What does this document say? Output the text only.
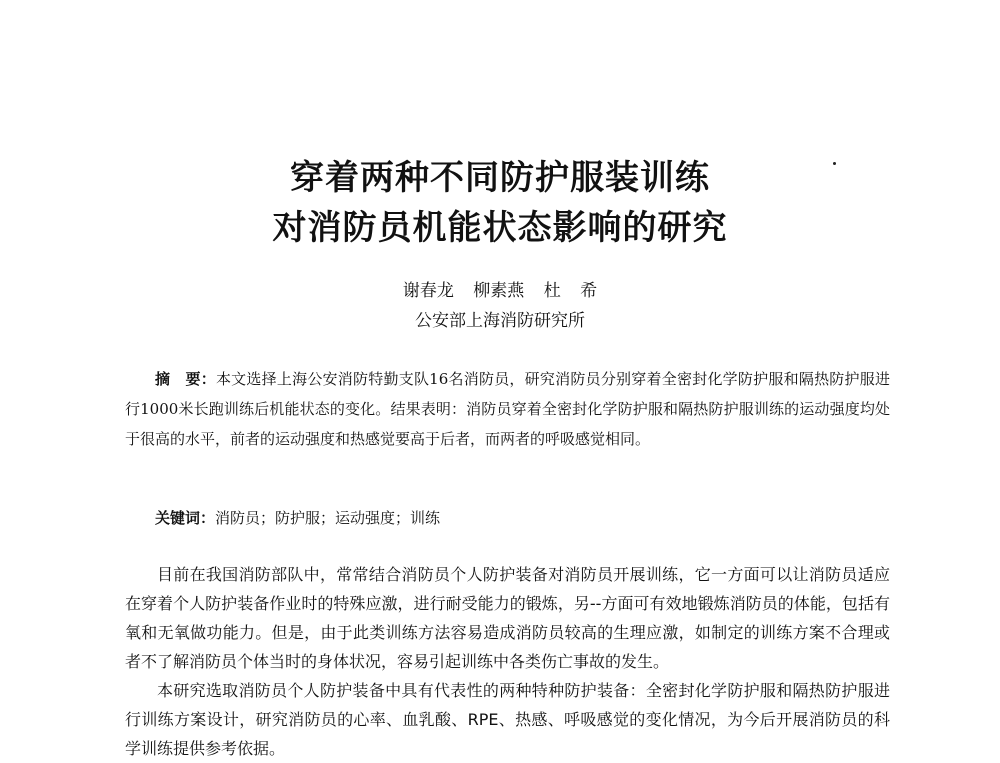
穿着两种不同防护服装训练
对消防员机能状态影响的研究
谢春龙 柳素燕 杜 希
公安部上海消防研究所
摘　要：本文选择上海公安消防特勤支队16名消防员，研究消防员分别穿着全密封化学防护服和隔热防护服进行1000米长跑训练后机能状态的变化。结果表明：消防员穿着全密封化学防护服和隔热防护服训练的运动强度均处于很高的水平，前者的运动强度和热感觉要高于后者，而两者的呼吸感觉相同。
关键词：消防员；防护服；运动强度；训练

目前在我国消防部队中，常常结合消防员个人防护装备对消防员开展训练，它一方面可以让消防员适应在穿着个人防护装备作业时的特殊应激，进行耐受能力的锻炼，另--方面可有效地锻炼消防员的体能，包括有氧和无氧做功能力。但是，由于此类训练方法容易造成消防员较高的生理应激，如制定的训练方案不合理或者不了解消防员个体当时的身体状况，容易引起训练中各类伤亡事故的发生。

本研究选取消防员个人防护装备中具有代表性的两种特种防护装备：全密封化学防护服和隔热防护服进行训练方案设计，研究消防员的心率、血乳酸、RPE、热感、呼吸感觉的变化情况，为今后开展消防员的科学训练提供参考依据。
